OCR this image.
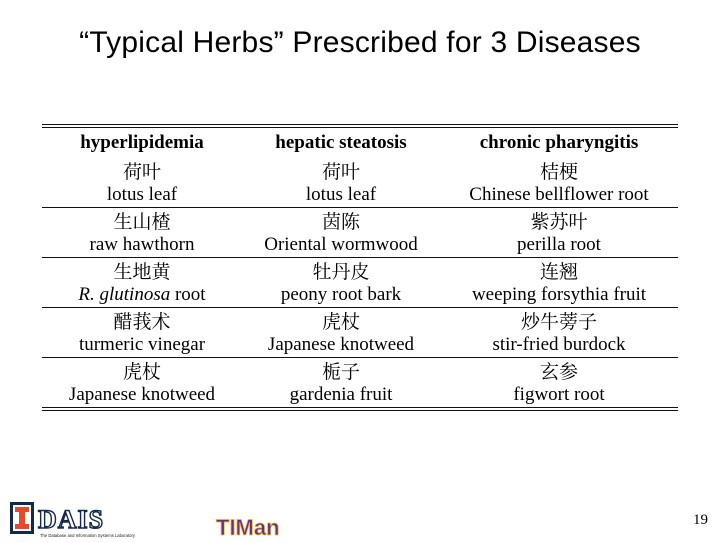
“Typical Herbs” Prescribed for 3 Diseases
hyperlipidemia	hepatic steatosis	chronic pharyngitis
荷叶	荷叶	桔梗
lotus leaf	lotus leaf	Chinese bellflower root
生山楂	茵陈	紫苏叶
raw hawthorn	Oriental wormwood	perilla root
生地黄	牡丹皮	连翘
R. glutinosa root	peony root bark	weeping forsythia fruit
醋莪术	虎杖	炒牛蒡子
turmeric vinegar	Japanese knotweed	stir-fried burdock
虎杖	栀子	玄参
Japanese knotweed	gardenia fruit	figwort root
DAIS
The Database and Information Systems Laboratory	TIMan	19
